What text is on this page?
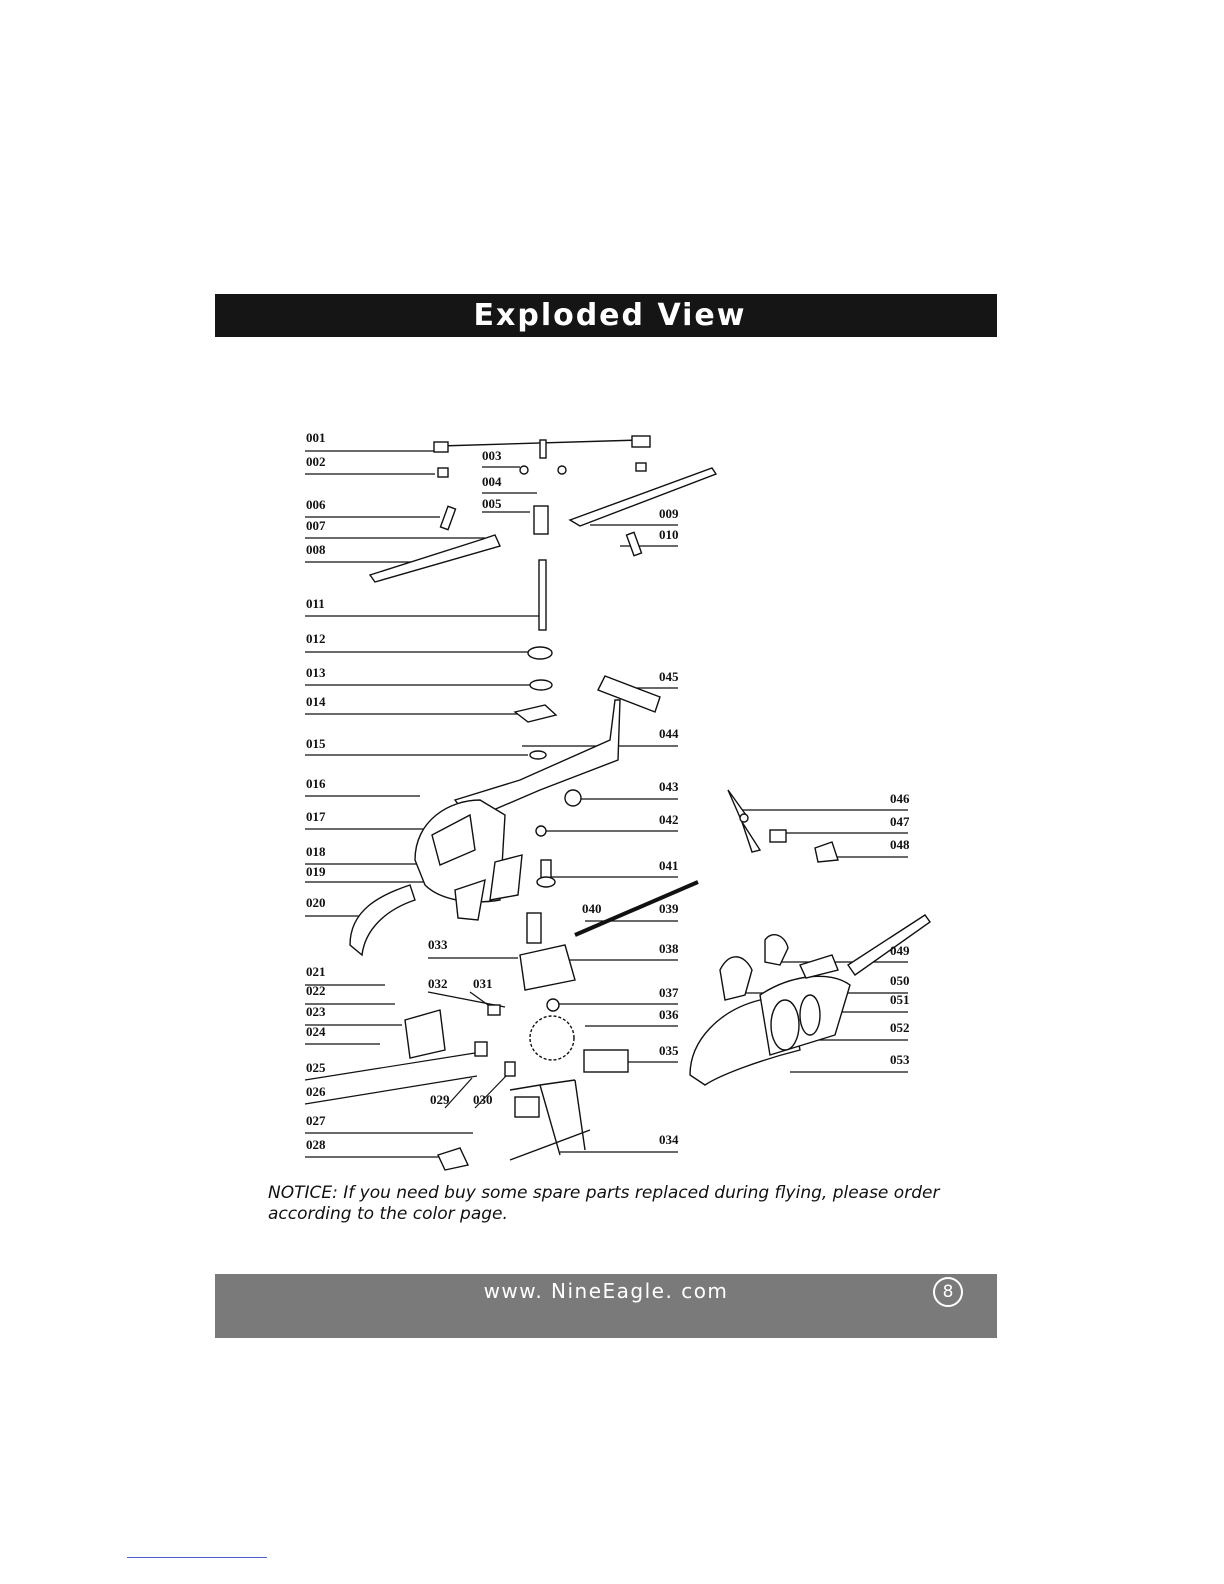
Exploded View
001
002	003
004
005
006
007
008
009
010
011
012
013
014
015
016
017
018
019
020
021
022
023
024
025
026
027
028
029 030
031
032
033
034
035
036
037
038
039
040
041
042
043
044
045
046
047
048
049
050
051
052
053
NOTICE: If you need buy some spare parts replaced during flying, please order according to the color page.
www. NineEagle. com	8
